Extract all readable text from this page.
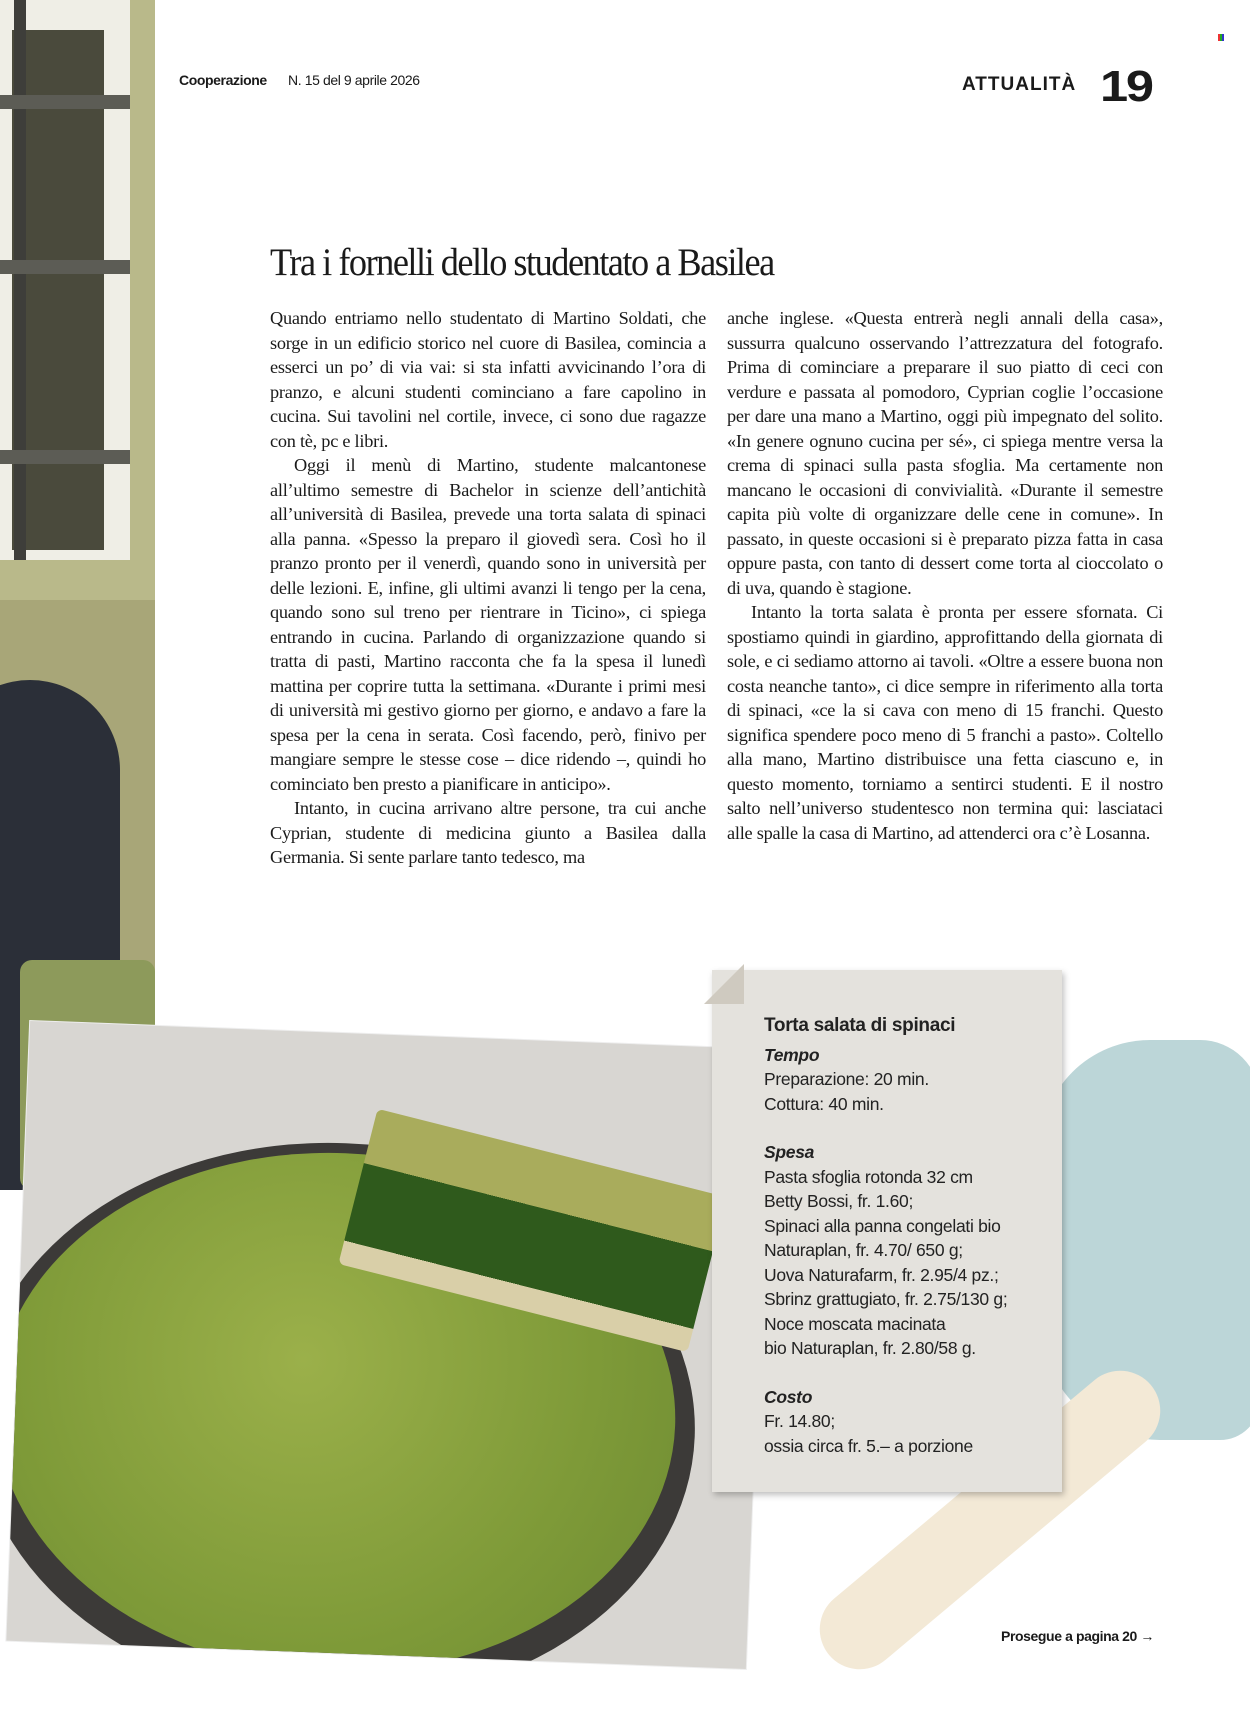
Cooperazione N. 15 del 9 aprile 2026	ATTUALITÀ 19
Tra i fornelli dello studentato a Basilea

Quando entriamo nello studentato di Martino Soldati, che sorge in un edificio storico nel cuore di Basilea, comincia a esserci un po’ di via vai: si sta infatti avvicinando l’ora di pranzo, e alcuni studenti cominciano a fare capolino in cucina. Sui tavolini nel cortile, invece, ci sono due ragazze con tè, pc e libri.

Oggi il menù di Martino, studente malcantonese all’ultimo semestre di Bachelor in scienze dell’antichità all’università di Basilea, prevede una torta salata di spinaci alla panna. «Spesso la preparo il giovedì sera. Così ho il pranzo pronto per il venerdì, quando sono in università per delle lezioni. E, infine, gli ultimi avanzi li tengo per la cena, quando sono sul treno per rientrare in Ticino», ci spiega entrando in cucina. Parlando di organizzazione quando si tratta di pasti, Martino racconta che fa la spesa il lunedì mattina per coprire tutta la settimana. «Durante i primi mesi di università mi gestivo giorno per giorno, e andavo a fare la spesa per la cena in serata. Così facendo, però, finivo per mangiare sempre le stesse cose – dice ridendo –, quindi ho cominciato ben presto a pianificare in anticipo».

Intanto, in cucina arrivano altre persone, tra cui anche Cyprian, studente di medicina giunto a Basilea dalla Germania. Si sente parlare tanto tedesco, ma

anche inglese. «Questa entrerà negli annali della casa», sussurra qualcuno osservando l’attrezzatura del fotografo. Prima di cominciare a preparare il suo piatto di ceci con verdure e passata al pomodoro, Cyprian coglie l’occasione per dare una mano a Martino, oggi più impegnato del solito. «In genere ognuno cucina per sé», ci spiega mentre versa la crema di spinaci sulla pasta sfoglia. Ma certamente non mancano le occasioni di convivialità. «Durante il semestre capita più volte di organizzare delle cene in comune». In passato, in queste occasioni si è preparato pizza fatta in casa oppure pasta, con tanto di dessert come torta al cioccolato o di uva, quando è stagione.

Intanto la torta salata è pronta per essere sfornata. Ci spostiamo quindi in giardino, approfittando della giornata di sole, e ci sediamo attorno ai tavoli. «Oltre a essere buona non costa neanche tanto», ci dice sempre in riferimento alla torta di spinaci, «ce la si cava con meno di 15 franchi. Questo significa spendere poco meno di 5 franchi a pasto». Coltello alla mano, Martino distribuisce una fetta ciascuno e, in questo momento, torniamo a sentirci studenti. E il nostro salto nell’universo studentesco non termina qui: lasciataci alle spalle la casa di Martino, ad attenderci ora c’è Losanna.

Torta salata di spinaci
Tempo
Preparazione: 20 min.
Cottura: 40 min.
Spesa
Pasta sfoglia rotonda 32 cm
Betty Bossi, fr. 1.60;
Spinaci alla panna congelati bio
Naturaplan, fr. 4.70/ 650 g;
Uova Naturafarm, fr. 2.95/4 pz.;
Sbrinz grattugiato, fr. 2.75/130 g;
Noce moscata macinata
bio Naturaplan, fr. 2.80/58 g.
Costo
Fr. 14.80;
ossia circa fr. 5.– a porzione
Prosegue a pagina 20 →
